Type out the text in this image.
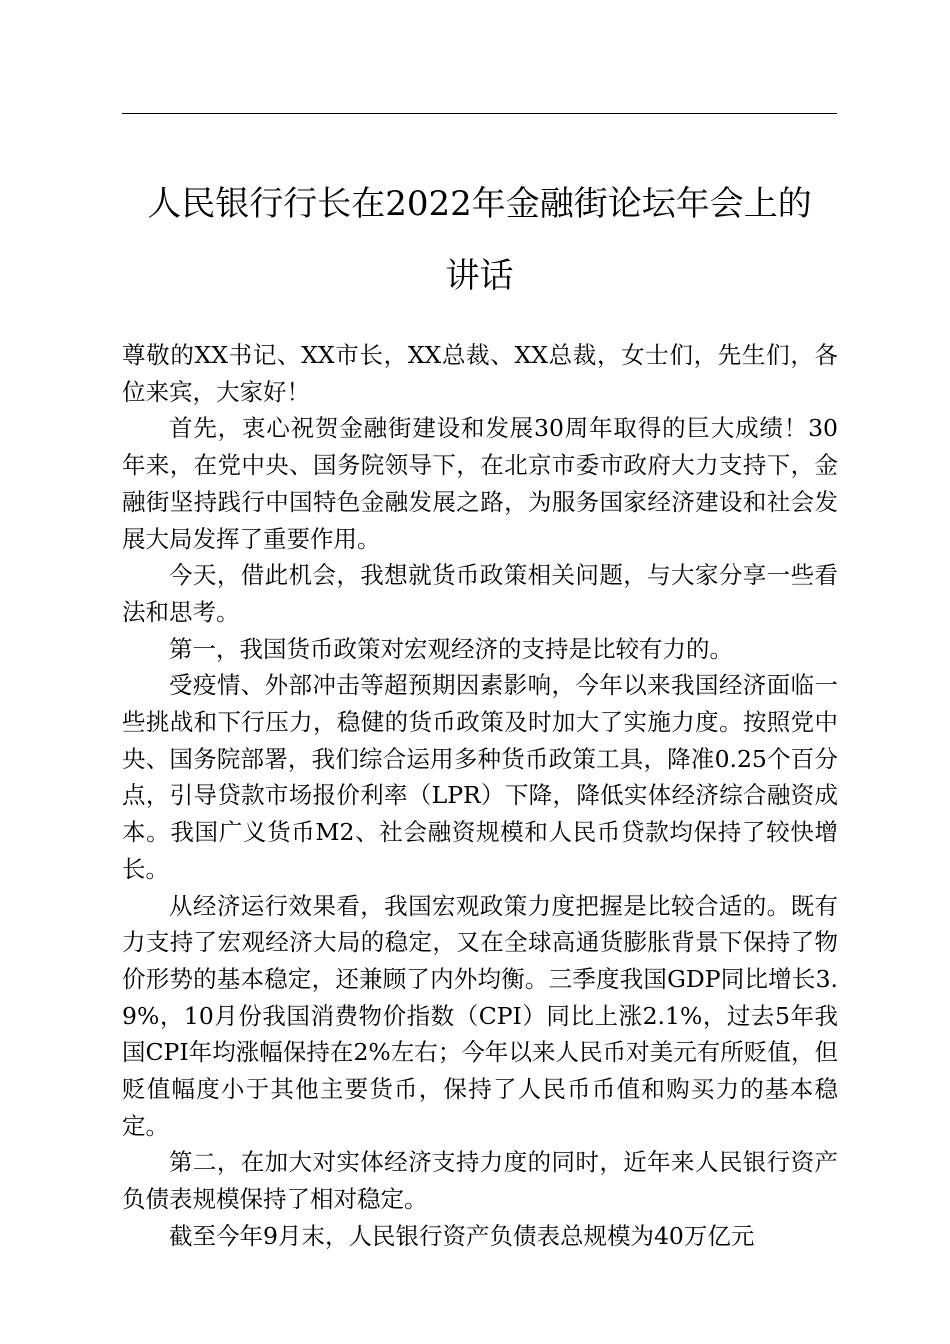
人民银行行长在2022年金融街论坛年会上的
讲话

尊敬的XX书记、XX市长，XX总裁、XX总裁，女士们，先生们，各位来宾，大家好！

首先，衷心祝贺金融街建设和发展30周年取得的巨大成绩！30年来，在党中央、国务院领导下，在北京市委市政府大力支持下，金融街坚持践行中国特色金融发展之路，为服务国家经济建设和社会发展大局发挥了重要作用。

今天，借此机会，我想就货币政策相关问题，与大家分享一些看法和思考。

第一，我国货币政策对宏观经济的支持是比较有力的。

受疫情、外部冲击等超预期因素影响，今年以来我国经济面临一些挑战和下行压力，稳健的货币政策及时加大了实施力度。按照党中央、国务院部署，我们综合运用多种货币政策工具，降准0.25个百分点，引导贷款市场报价利率（LPR）下降，降低实体经济综合融资成本。我国广义货币M2、社会融资规模和人民币贷款均保持了较快增长。

从经济运行效果看，我国宏观政策力度把握是比较合适的。既有力支持了宏观经济大局的稳定，又在全球高通货膨胀背景下保持了物价形势的基本稳定，还兼顾了内外均衡。三季度我国GDP同比增长3.9%，10月份我国消费物价指数（CPI）同比上涨2.1%，过去5年我国CPI年均涨幅保持在2%左右；今年以来人民币对美元有所贬值，但贬值幅度小于其他主要货币，保持了人民币币值和购买力的基本稳定。

第二，在加大对实体经济支持力度的同时，近年来人民银行资产负债表规模保持了相对稳定。

截至今年9月末，人民银行资产负债表总规模为40万亿元
